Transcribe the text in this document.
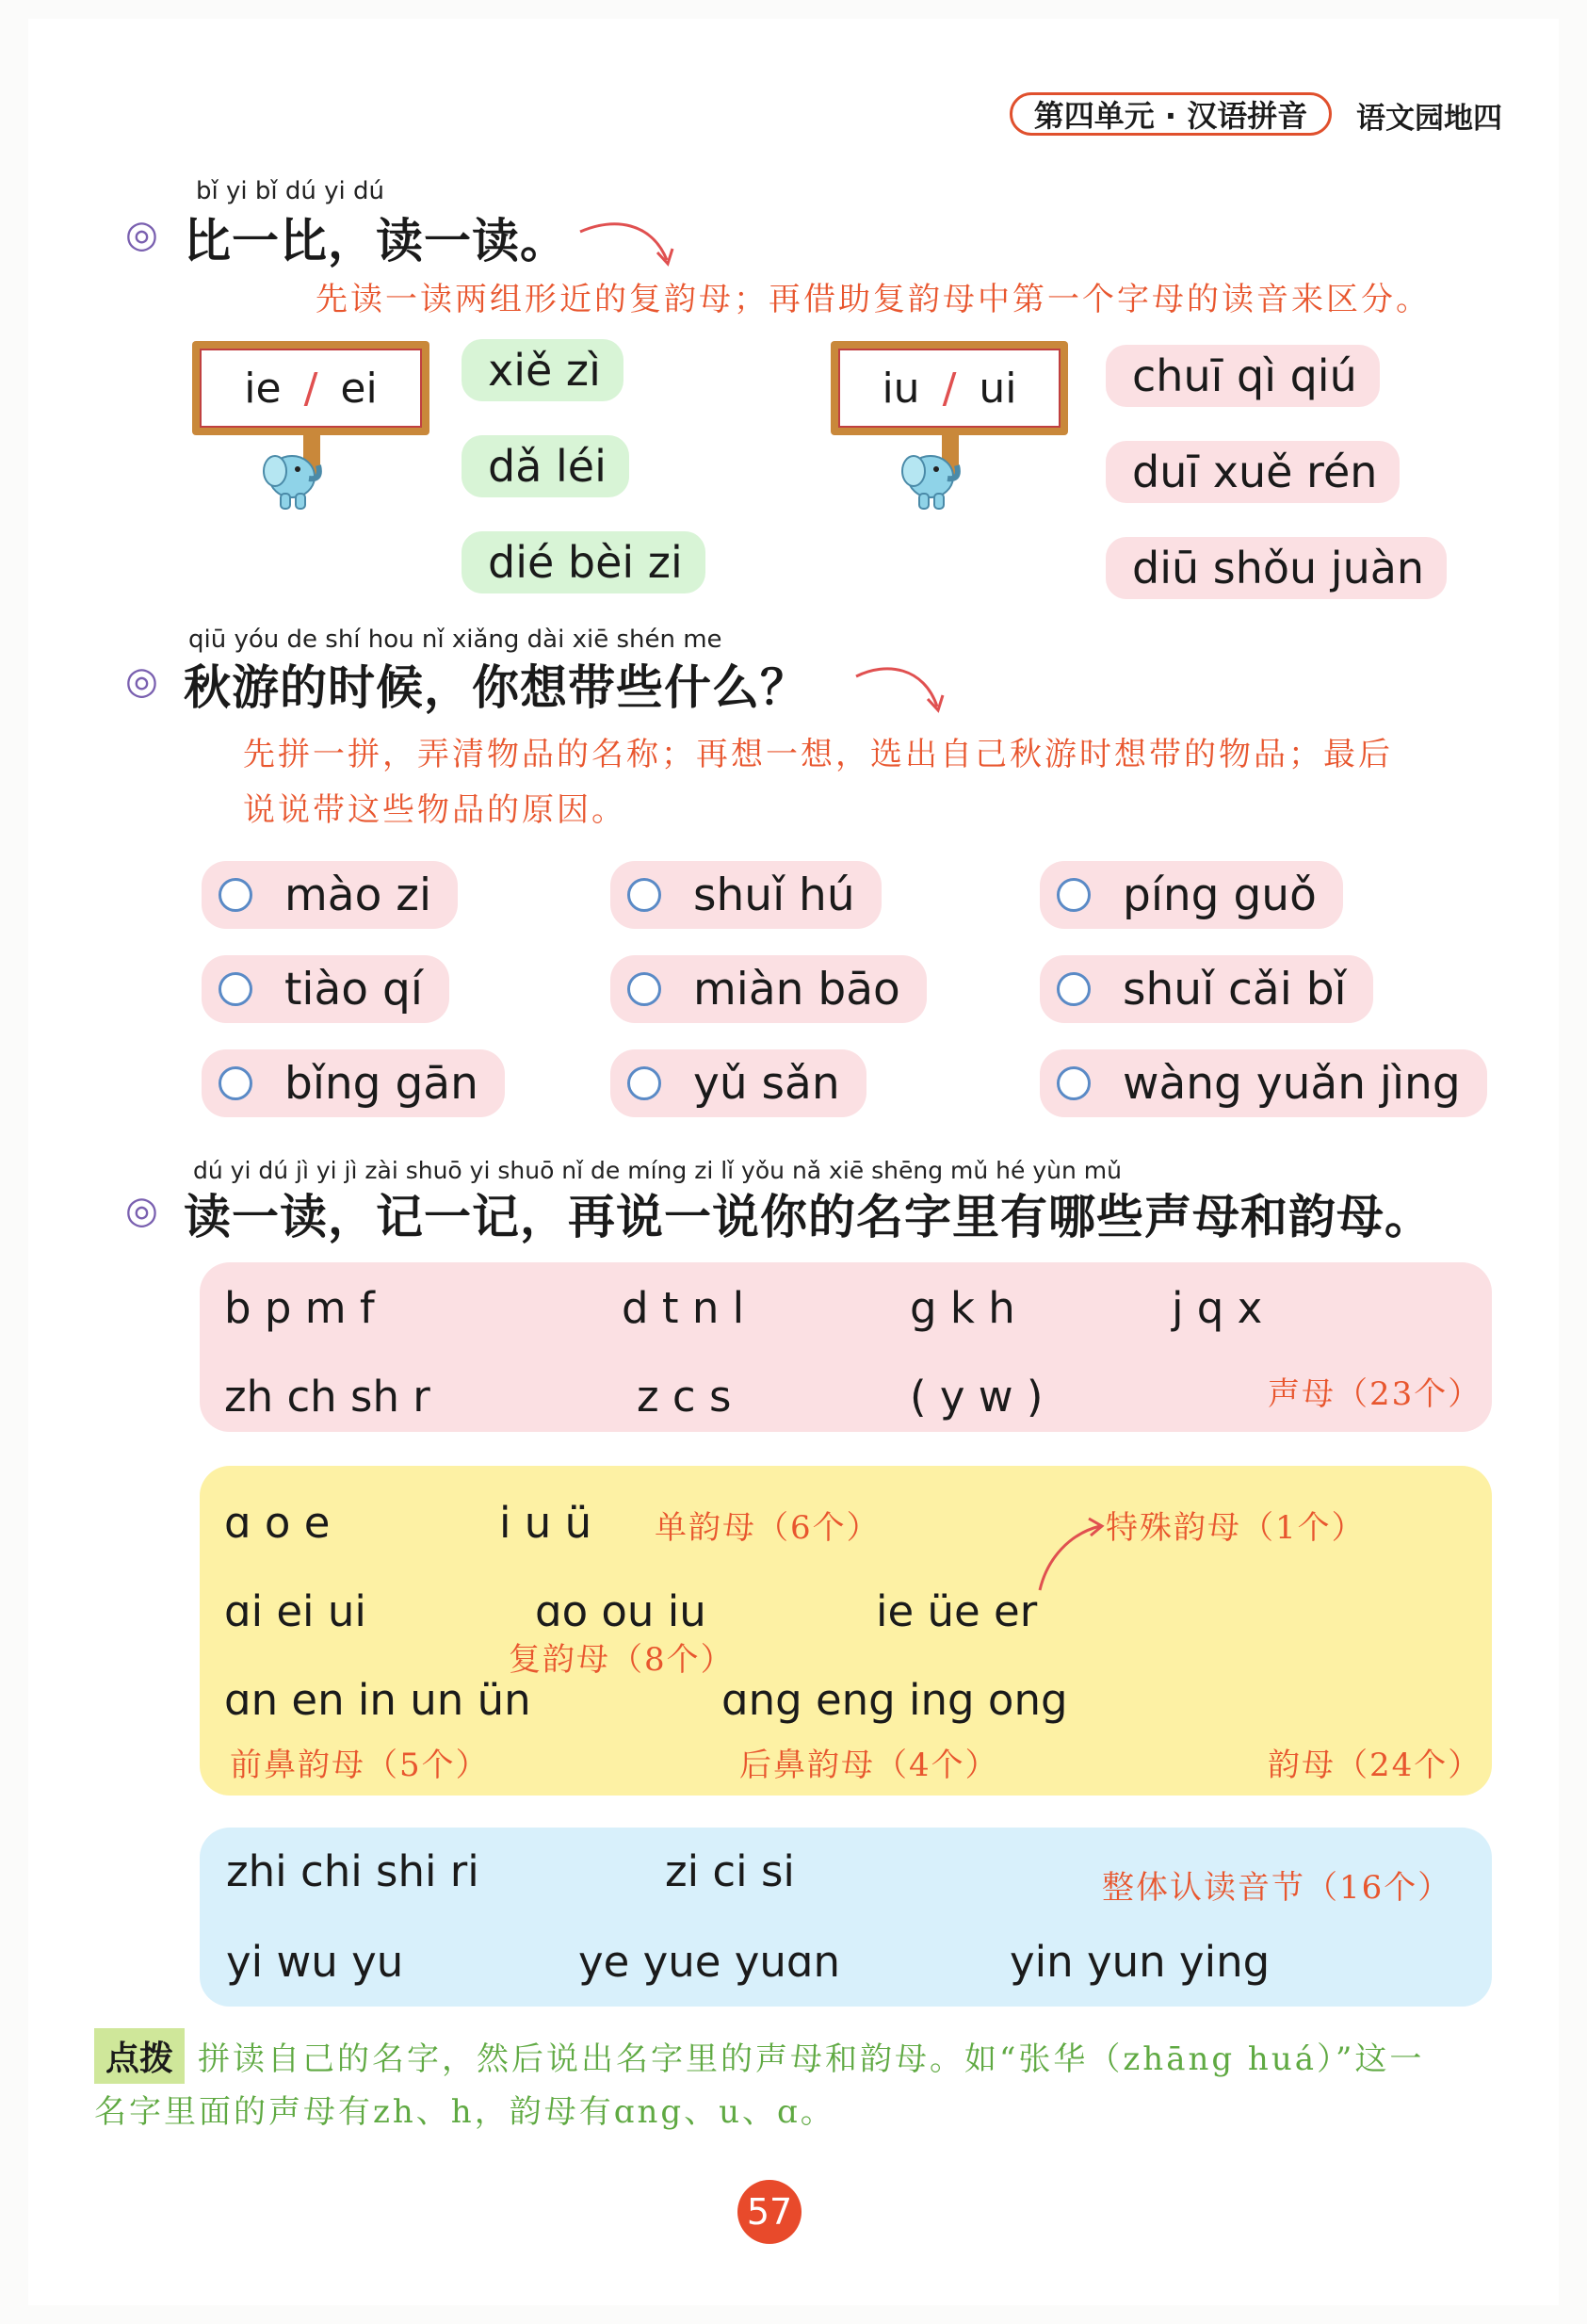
第四单元 · 汉语拼音	语文园地四
bǐ yi bǐ dú yi dú
◎ 比一比，读一读。
先读一读两组形近的复韵母；再借助复韵母中第一个字母的读音来区分。
ie / ei	xiě zì
dǎ léi
dié bèi zi
iu / ui	chuī qì qiú
duī xuě rén
diū shǒu juàn
qiū yóu de shí hou nǐ xiǎng dài xiē shén me
◎ 秋游的时候，你想带些什么？
先拼一拼，弄清物品的名称；再想一想，选出自己秋游时想带的物品；最后
说说带这些物品的原因。
mào zi	shuǐ hú	píng guǒ
tiào qí	miàn bāo	shuǐ cǎi bǐ
bǐng gān	yǔ sǎn	wàng yuǎn jìng
dú yi dú jì yi jì zài shuō yi shuō nǐ de míng zi lǐ yǒu nǎ xiē shēng mǔ hé yùn mǔ
◎ 读一读，记一记，再说一说你的名字里有哪些声母和韵母。
b p m f	d t n l	g k h	j q x
zh ch sh r	z c s	( y w )	声母（23个）
ɑ o e	i u ü 单韵母（6个）	特殊韵母（1个）
ɑi ei ui	ɑo ou iu	ie üe er
复韵母（8个）
ɑn en in un ün	ɑng eng ing ong
前鼻韵母（5个）	后鼻韵母（4个）	韵母（24个）
zhi chi shi ri	zi ci si	整体认读音节（16个）
yi wu yu	ye yue yuɑn	yin yun ying
点拨 拼读自己的名字，然后说出名字里的声母和韵母。如“张华（zhāng huá）”这一
名字里面的声母有zh、h，韵母有ɑng、u、ɑ。
57
